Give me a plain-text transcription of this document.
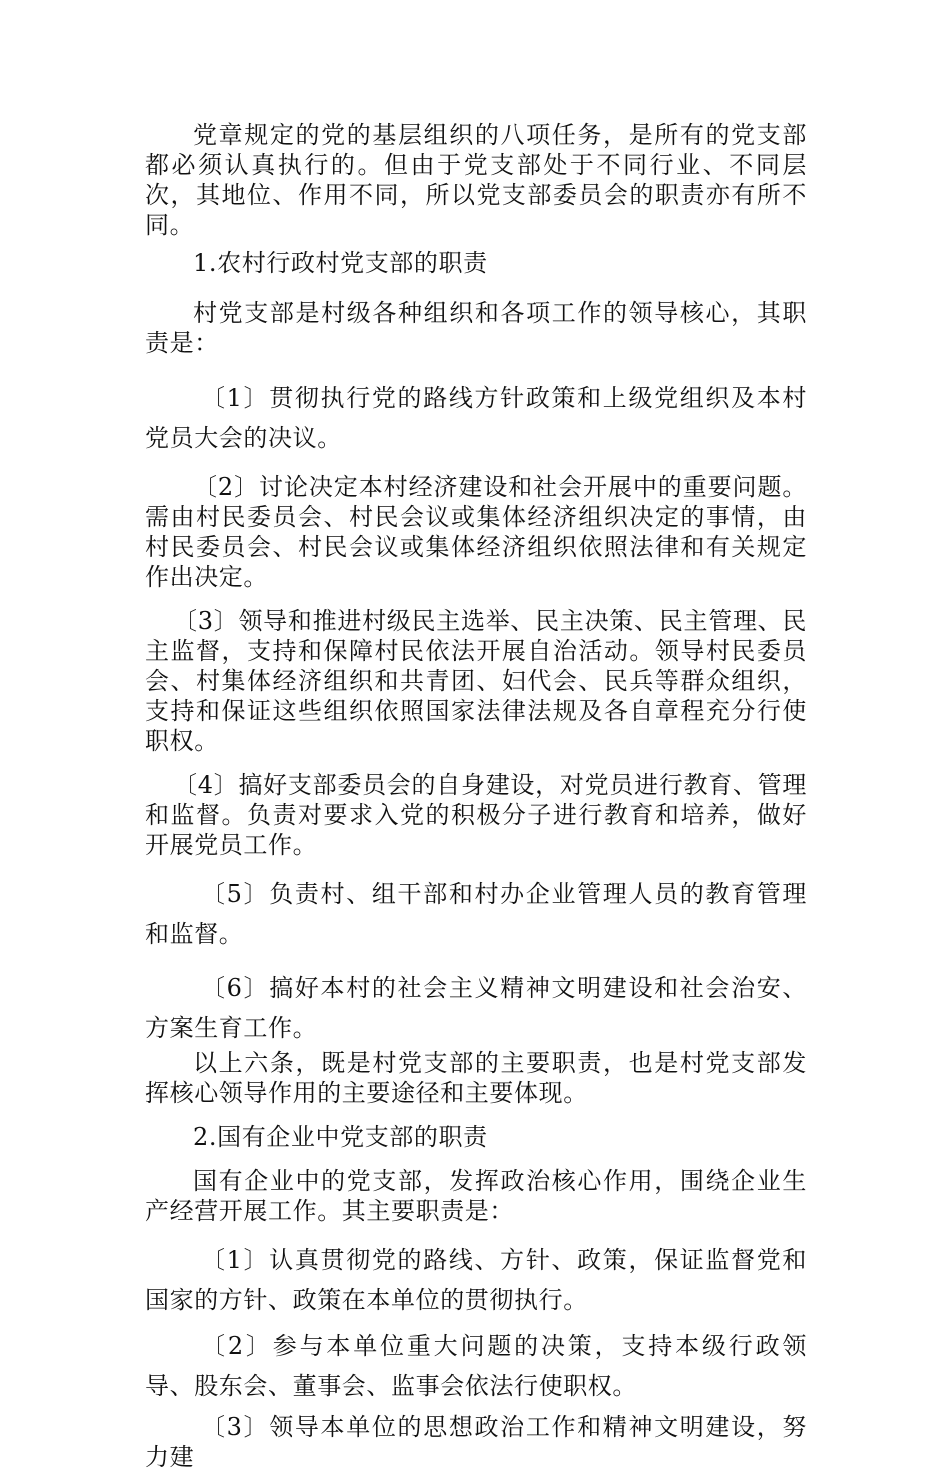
党章规定的党的基层组织的八项任务，是所有的党支部都必须认真执行的。但由于党支部处于不同行业、不同层次，其地位、作用不同，所以党支部委员会的职责亦有所不同。

1.农村行政村党支部的职责

村党支部是村级各种组织和各项工作的领导核心，其职责是：

〔1〕贯彻执行党的路线方针政策和上级党组织及本村党员大会的决议。

〔2〕讨论决定本村经济建设和社会开展中的重要问题。需由村民委员会、村民会议或集体经济组织决定的事情，由村民委员会、村民会议或集体经济组织依照法律和有关规定作出决定。

〔3〕领导和推进村级民主选举、民主决策、民主管理、民主监督，支持和保障村民依法开展自治活动。领导村民委员会、村集体经济组织和共青团、妇代会、民兵等群众组织，支持和保证这些组织依照国家法律法规及各自章程充分行使职权。

〔4〕搞好支部委员会的自身建设，对党员进行教育、管理和监督。负责对要求入党的积极分子进行教育和培养，做好开展党员工作。

〔5〕负责村、组干部和村办企业管理人员的教育管理和监督。

〔6〕搞好本村的社会主义精神文明建设和社会治安、方案生育工作。

以上六条，既是村党支部的主要职责，也是村党支部发挥核心领导作用的主要途径和主要体现。

2.国有企业中党支部的职责

国有企业中的党支部，发挥政治核心作用，围绕企业生产经营开展工作。其主要职责是：

〔1〕认真贯彻党的路线、方针、政策，保证监督党和国家的方针、政策在本单位的贯彻执行。

〔2〕参与本单位重大问题的决策，支持本级行政领导、股东会、董事会、监事会依法行使职权。

〔3〕领导本单位的思想政治工作和精神文明建设，努力建
